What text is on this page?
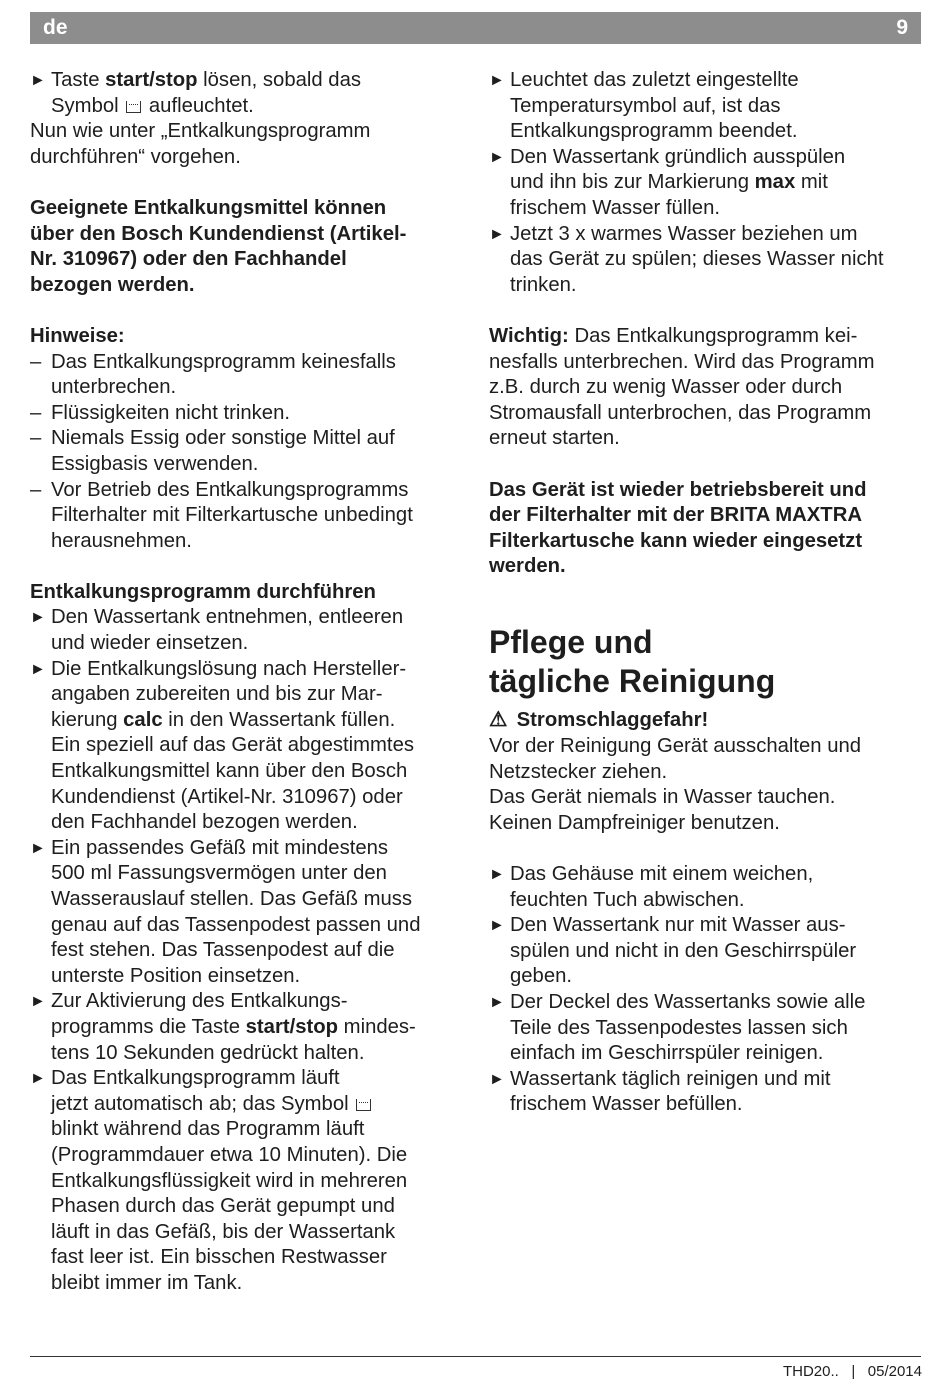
de	9
► Taste start/stop lösen, sobald das

Symbol  aufleuchtet.

Nun wie unter „Entkalkungsprogramm
durchführen“ vorgehen.

Geeignete Entkalkungsmittel können
über den Bosch Kundendienst (Artikel-
Nr. 310967) oder den Fachhandel
bezogen werden.

Hinweise:

– Das Entkalkungsprogramm keinesfalls
unterbrechen.

– Flüssigkeiten nicht trinken.

– Niemals Essig oder sonstige Mittel auf
Essigbasis verwenden.

– Vor Betrieb des Entkalkungsprogramms
Filterhalter mit Filterkartusche unbedingt
herausnehmen.

Entkalkungsprogramm durchführen

► Den Wassertank entnehmen, entleeren
und wieder einsetzen.

► Die Entkalkungslösung nach Hersteller-
angaben zubereiten und bis zur Mar-
kierung calc in den Wassertank füllen.
Ein speziell auf das Gerät abgestimmtes
Entkalkungsmittel kann über den Bosch
Kundendienst (Artikel-Nr. 310967) oder
den Fachhandel bezogen werden.

► Ein passendes Gefäß mit mindestens
500 ml Fassungsvermögen unter den
Wasserauslauf stellen. Das Gefäß muss
genau auf das Tassenpodest passen und
fest stehen. Das Tassenpodest auf die
unterste Position einsetzen.

► Zur Aktivierung des Entkalkungs-
programms die Taste start/stop mindes-
tens 10 Sekunden gedrückt halten.

► Das Entkalkungsprogramm läuft
jetzt automatisch ab; das Symbol
blinkt während das Programm läuft
(Programmdauer etwa 10 Minuten). Die
Entkalkungsflüssigkeit wird in mehreren
Phasen durch das Gerät gepumpt und
läuft in das Gefäß, bis der Wassertank
fast leer ist. Ein bisschen Restwasser
bleibt immer im Tank.

► Leuchtet das zuletzt eingestellte
Temperatursymbol auf, ist das
Entkalkungsprogramm beendet.

► Den Wassertank gründlich ausspülen
und ihn bis zur Markierung max mit
frischem Wasser füllen.

► Jetzt 3 x warmes Wasser beziehen um
das Gerät zu spülen; dieses Wasser nicht
trinken.

Wichtig: Das Entkalkungsprogramm kei-
nesfalls unterbrechen. Wird das Programm
z.B. durch zu wenig Wasser oder durch
Stromausfall unterbrochen, das Programm
erneut starten.

Das Gerät ist wieder betriebsbereit und
der Filterhalter mit der BRITA MAXTRA
Filterkartusche kann wieder eingesetzt
werden.

Pflege und
tägliche Reinigung

⚠ Stromschlaggefahr!

Vor der Reinigung Gerät ausschalten und
Netzstecker ziehen.
Das Gerät niemals in Wasser tauchen.
Keinen Dampfreiniger benutzen.

► Das Gehäuse mit einem weichen,
feuchten Tuch abwischen.

► Den Wassertank nur mit Wasser aus-
spülen und nicht in den Geschirrspüler
geben.

► Der Deckel des Wassertanks sowie alle
Teile des Tassenpodestes lassen sich
einfach im Geschirrspüler reinigen.

► Wassertank täglich reinigen und mit
frischem Wasser befüllen.

THD20.. | 05/2014
